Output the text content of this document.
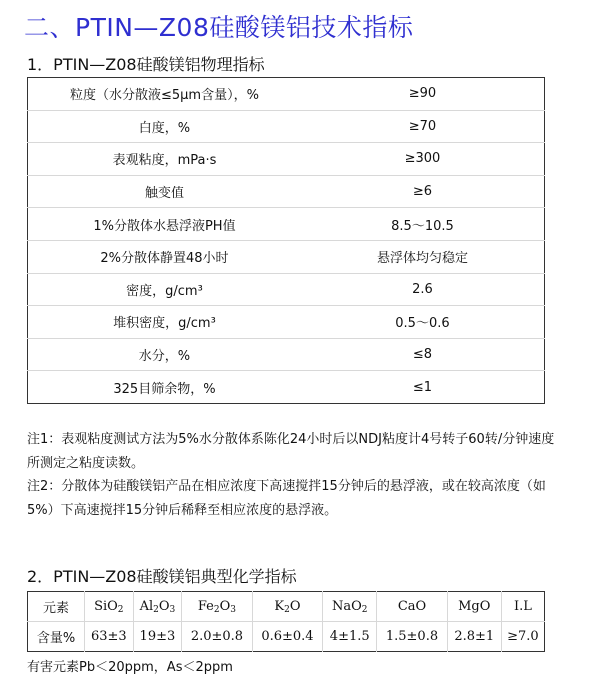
二、PTIN—Z08硅酸镁铝技术指标
1．PTIN—Z08硅酸镁铝物理指标
粒度（水分散液≤5μm含量），%	≥90
白度，%	≥70
表观粘度，mPa·s	≥300
触变值	≥6
1%分散体水悬浮液PH值	8.5～10.5
2%分散体静置48小时	悬浮体均匀稳定
密度，g/cm³	2.6
堆积密度，g/cm³	0.5～0.6
水分，%	≤8
325目筛余物，%	≤1

注1：表观粘度测试方法为5%水分散体系陈化24小时后以NDJ粘度计4号转子60转/分钟速度所测定之粘度读数。

注2：分散体为硅酸镁铝产品在相应浓度下高速搅拌15分钟后的悬浮液，或在较高浓度（如5%）下高速搅拌15分钟后稀释至相应浓度的悬浮液。

2．PTIN—Z08硅酸镁铝典型化学指标
元素	SiO$_2$	$Al_2O_3$	$Fe_2O_3$	$K_2O$	NaO$_2$	CaO	MgO	I.L
含量%	63±3	19±3	2.0±0.8	0.6±0.4	4±1.5	1.5±0.8	2.8±1	≥7.0
有害元素Pb＜20ppm，As＜2ppm
